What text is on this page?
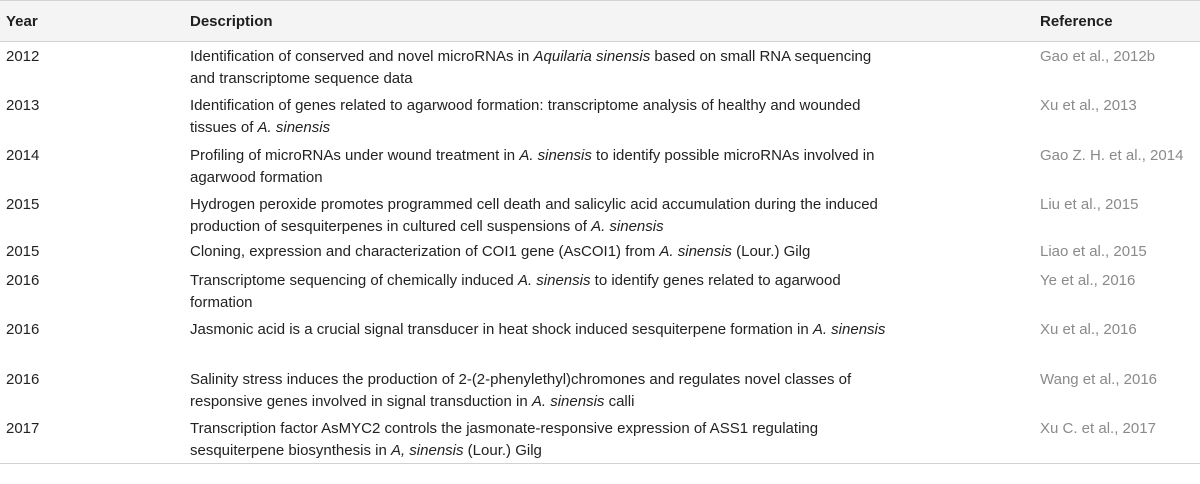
Year	Description	Reference
2012	Identification of conserved and novel microRNAs in Aquilaria sinensis based on small RNA sequencing and transcriptome sequence data	Gao et al., 2012b
2013	Identification of genes related to agarwood formation: transcriptome analysis of healthy and wounded tissues of A. sinensis	Xu et al., 2013
2014	Profiling of microRNAs under wound treatment in A. sinensis to identify possible microRNAs involved in agarwood formation	Gao Z. H. et al., 2014
2015	Hydrogen peroxide promotes programmed cell death and salicylic acid accumulation during the induced production of sesquiterpenes in cultured cell suspensions of A. sinensis	Liu et al., 2015
2015	Cloning, expression and characterization of COI1 gene (AsCOI1) from A. sinensis (Lour.) Gilg	Liao et al., 2015
2016	Transcriptome sequencing of chemically induced A. sinensis to identify genes related to agarwood formation	Ye et al., 2016
2016	Jasmonic acid is a crucial signal transducer in heat shock induced sesquiterpene formation in A. sinensis	Xu et al., 2016
2016	Salinity stress induces the production of 2-(2-phenylethyl)chromones and regulates novel classes of responsive genes involved in signal transduction in A. sinensis calli	Wang et al., 2016
2017	Transcription factor AsMYC2 controls the jasmonate-responsive expression of ASS1 regulating sesquiterpene biosynthesis in A, sinensis (Lour.) Gilg	Xu C. et al., 2017
